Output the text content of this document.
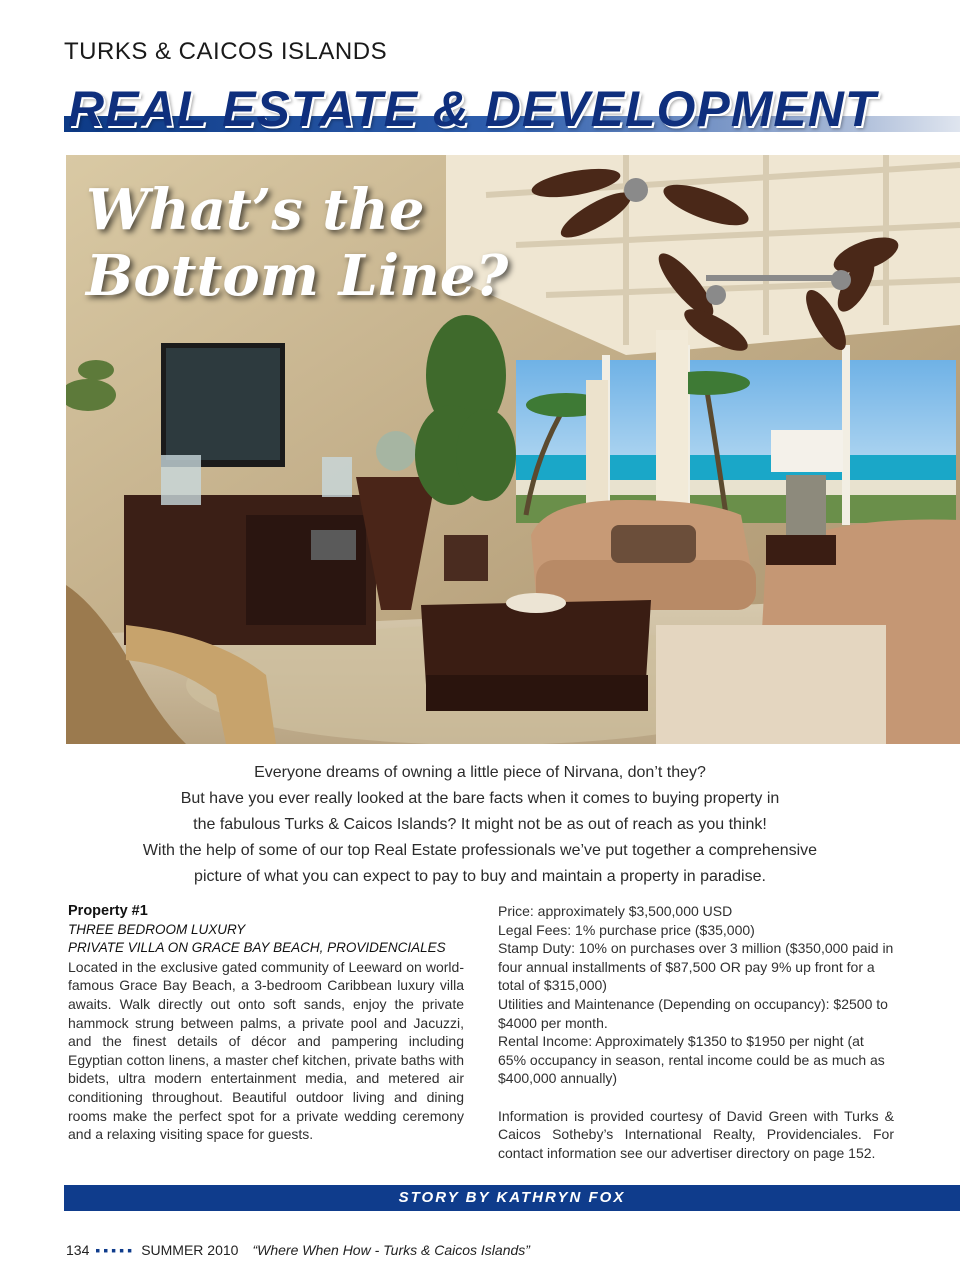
TURKS & CAICOS ISLANDS
REAL ESTATE & DEVELOPMENT
What’s the
Bottom Line?

Everyone dreams of owning a little piece of Nirvana, don’t they?

But have you ever really looked at the bare facts when it comes to buying property in

the fabulous Turks & Caicos Islands? It might not be as out of reach as you think!

With the help of some of our top Real Estate professionals we’ve put together a comprehensive

picture of what you can expect to pay to buy and maintain a property in paradise.

Property #1
THREE BEDROOM LUXURY
PRIVATE VILLA ON GRACE BAY BEACH, PROVIDENCIALES
Located in the exclusive gated community of Leeward on world-famous Grace Bay Beach, a 3-bedroom Caribbean luxury villa awaits. Walk directly out onto soft sands, enjoy the private hammock strung between palms, a private pool and Jacuzzi, and the finest details of décor and pampering including Egyptian cotton linens, a master chef kitchen, private baths with bidets, ultra modern entertainment media, and metered air conditioning throughout. Beautiful outdoor living and dining rooms make the perfect spot for a private wedding ceremony and a relaxing visiting space for guests.

Price: approximately $3,500,000 USD

Legal Fees: 1% purchase price ($35,000)

Stamp Duty: 10% on purchases over 3 million ($350,000 paid in four annual installments of $87,500 OR pay 9% up front for a total of $315,000)

Utilities and Maintenance (Depending on occupancy): $2500 to $4000 per month.

Rental Income: Approximately $1350 to $1950 per night (at 65% occupancy in season, rental income could be as much as $400,000 annually)

Information is provided courtesy of David Green with Turks & Caicos Sotheby’s International Realty, Providenciales. For contact information see our advertiser directory on page 152.

STORY BY KATHRYN FOX
134 ▪▪▪▪▪ SUMMER 2010 “Where When How - Turks & Caicos Islands”
